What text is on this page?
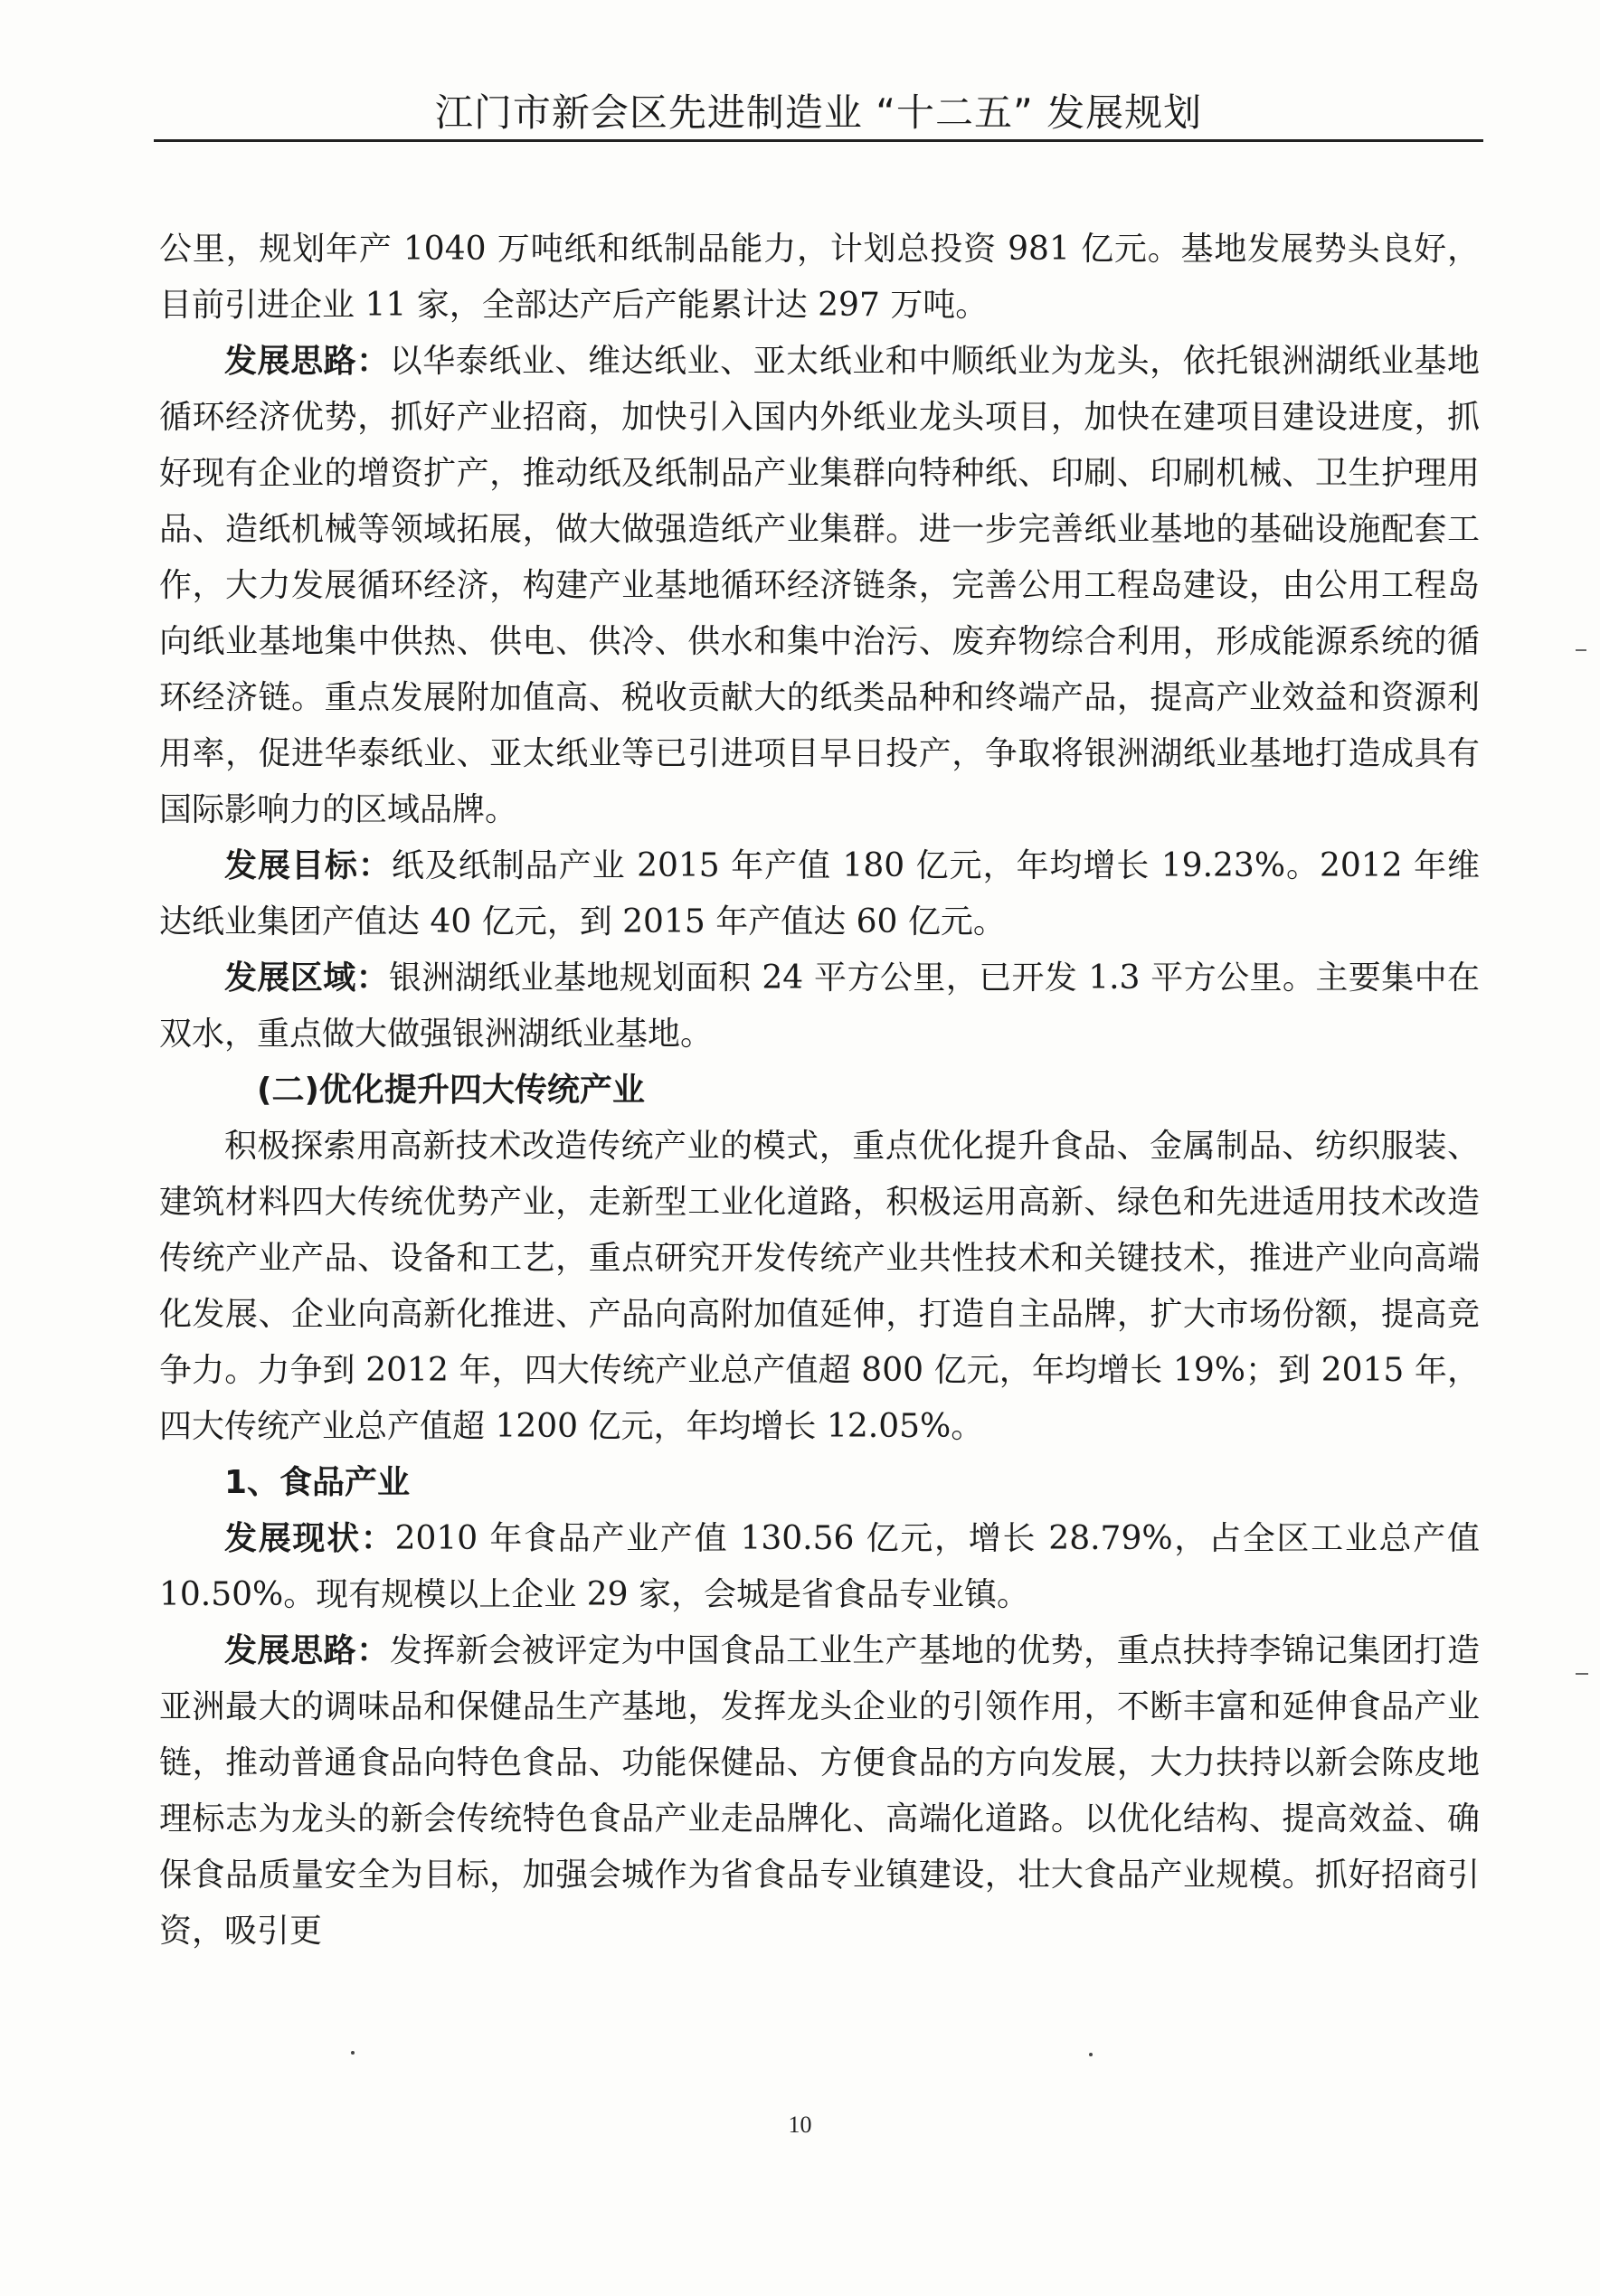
江门市新会区先进制造业 “十二五” 发展规划

公里，规划年产 1040 万吨纸和纸制品能力，计划总投资 981 亿元。基地发展势头良好，目前引进企业 11 家，全部达产后产能累计达 297 万吨。

发展思路：以华泰纸业、维达纸业、亚太纸业和中顺纸业为龙头，依托银洲湖纸业基地循环经济优势，抓好产业招商，加快引入国内外纸业龙头项目，加快在建项目建设进度，抓好现有企业的增资扩产，推动纸及纸制品产业集群向特种纸、印刷、印刷机械、卫生护理用品、造纸机械等领域拓展，做大做强造纸产业集群。进一步完善纸业基地的基础设施配套工作，大力发展循环经济，构建产业基地循环经济链条，完善公用工程岛建设，由公用工程岛向纸业基地集中供热、供电、供冷、供水和集中治污、废弃物综合利用，形成能源系统的循环经济链。重点发展附加值高、税收贡献大的纸类品种和终端产品，提高产业效益和资源利用率，促进华泰纸业、亚太纸业等已引进项目早日投产，争取将银洲湖纸业基地打造成具有国际影响力的区域品牌。

发展目标：纸及纸制品产业 2015 年产值 180 亿元，年均增长 19.23%。2012 年维达纸业集团产值达 40 亿元，到 2015 年产值达 60 亿元。

发展区域：银洲湖纸业基地规划面积 24 平方公里，已开发 1.3 平方公里。主要集中在双水，重点做大做强银洲湖纸业基地。

(二)优化提升四大传统产业

积极探索用高新技术改造传统产业的模式，重点优化提升食品、金属制品、纺织服装、建筑材料四大传统优势产业，走新型工业化道路，积极运用高新、绿色和先进适用技术改造传统产业产品、设备和工艺，重点研究开发传统产业共性技术和关键技术，推进产业向高端化发展、企业向高新化推进、产品向高附加值延伸，打造自主品牌，扩大市场份额，提高竞争力。力争到 2012 年，四大传统产业总产值超 800 亿元，年均增长 19%；到 2015 年，四大传统产业总产值超 1200 亿元，年均增长 12.05%。

1、食品产业

发展现状：2010 年食品产业产值 130.56 亿元，增长 28.79%，占全区工业总产值 10.50%。现有规模以上企业 29 家，会城是省食品专业镇。

发展思路：发挥新会被评定为中国食品工业生产基地的优势，重点扶持李锦记集团打造亚洲最大的调味品和保健品生产基地，发挥龙头企业的引领作用，不断丰富和延伸食品产业链，推动普通食品向特色食品、功能保健品、方便食品的方向发展，大力扶持以新会陈皮地理标志为龙头的新会传统特色食品产业走品牌化、高端化道路。以优化结构、提高效益、确保食品质量安全为目标，加强会城作为省食品专业镇建设，壮大食品产业规模。抓好招商引资，吸引更

10
